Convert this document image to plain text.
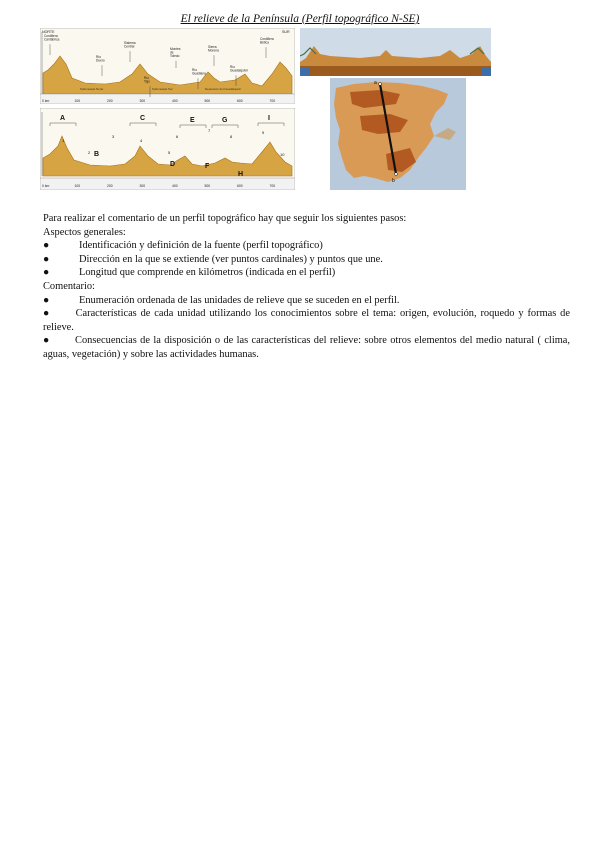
El relieve de la Península (Perfil topográfico N-SE)
NORTE	SUR
Cordillera Cantábrica
Río Duero
Sistema Central
Río Tajo
Montes de Toledo
Río Guadiana
Sierra Morena
Río Guadalquivir
Cordillera Bética
Submeseta Norte	Submeseta Sur	Depresión del Guadalquivir
0 km	100	200	300	400	500	600	700
A
B
C
D
E
F
G
H
I
1
2
3
4
5
6
7
8
9
10
0 km	100	200	300	400	500	600	700
a
b

Para realizar el comentario de un perfil topográfico hay que seguir los siguientes pasos:

Aspectos generales:

●	Identificación y definición de la fuente (perfil topográfico)
●	Dirección en la que se extiende (ver puntos cardinales) y puntos que une.
●	Longitud que comprende en kilómetros (indicada en el perfil)

Comentario:

●	Enumeración ordenada de las unidades de relieve que se suceden en el perfil.

● Características de cada unidad utilizando los conocimientos sobre el tema: origen, evolución, roquedo y formas de relieve.

● Consecuencias de la disposición o de las características del relieve: sobre otros elementos del medio natural ( clima, aguas, vegetación) y sobre las actividades humanas.
